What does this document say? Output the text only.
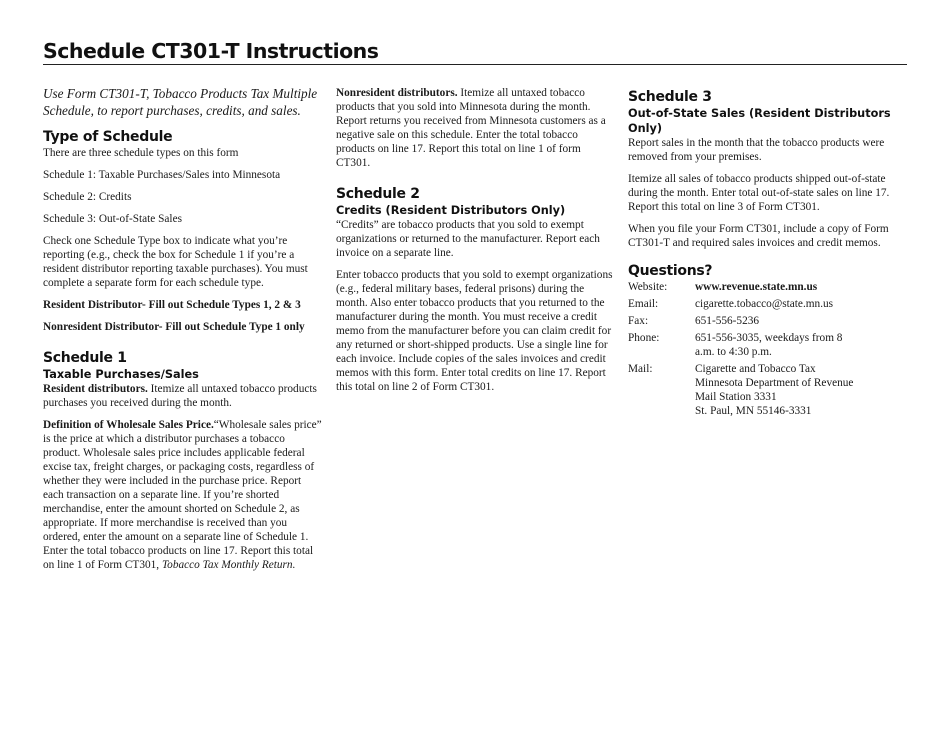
Schedule CT301-T Instructions

Use Form CT301-T, Tobacco Products Tax Multiple Schedule, to report purchases, credits, and sales.

Type of Schedule

There are three schedule types on this form

Schedule 1: Taxable Purchases/Sales into Minnesota

Schedule 2: Credits

Schedule 3: Out-of-State Sales

Check one Schedule Type box to indicate what you’re reporting (e.g., check the box for Schedule 1 if you’re a resident distributor reporting taxable purchases). You must complete a separate form for each schedule type.

Resident Distributor- Fill out Schedule Types 1, 2 & 3

Nonresident Distributor- Fill out Schedule Type 1 only

Schedule 1
Taxable Purchases/Sales

Resident distributors. Itemize all untaxed tobacco products purchases you received during the month.

Definition of Wholesale Sales Price.“Wholesale sales price” is the price at which a distributor purchases a tobacco product. Wholesale sales price includes applicable federal excise tax, freight charges, or packaging costs, regardless of whether they were included in the purchase price. Report each transaction on a separate line. If you’re shorted merchandise, enter the amount shorted on Schedule 2, as appropriate. If more merchandise is received than you ordered, enter the amount on a separate line of Schedule 1. Enter the total tobacco products on line 17. Report this total on line 1 of Form CT301, Tobacco Tax Monthly Return.

Nonresident distributors. Itemize all untaxed tobacco products that you sold into Minnesota during the month. Report returns you received from Minnesota customers as a negative sale on this schedule. Enter the total tobacco products on line 17. Report this total on line 1 of form CT301.

Schedule 2
Credits (Resident Distributors Only)

“Credits” are tobacco products that you sold to exempt organizations or returned to the manufacturer. Report each invoice on a separate line.

Enter tobacco products that you sold to exempt organizations (e.g., federal military bases, federal prisons) during the month. Also enter tobacco products that you returned to the manufacturer during the month. You must receive a credit memo from the manufacturer before you can claim credit for any returned or short-shipped products. Use a single line for each invoice. Include copies of the sales invoices and credit memos with this form. Enter total credits on line 17. Report this total on line 2 of Form CT301.

Schedule 3
Out-of-State Sales (Resident Distributors Only)

Report sales in the month that the tobacco products were removed from your premises.

Itemize all sales of tobacco products shipped out-of-state during the month. Enter total out-of-state sales on line 17. Report this total on line 3 of Form CT301.

When you file your Form CT301, include a copy of Form CT301-T and required sales invoices and credit memos.

Questions?
Website:	www.revenue.state.mn.us
Email:	cigarette.tobacco@state.mn.us
Fax:	651-556-5236
Phone:	651-556-3035, weekdays from 8 a.m. to 4:30 p.m.
Mail:	Cigarette and Tobacco Tax
Minnesota Department of Revenue
Mail Station 3331
St. Paul, MN 55146-3331
